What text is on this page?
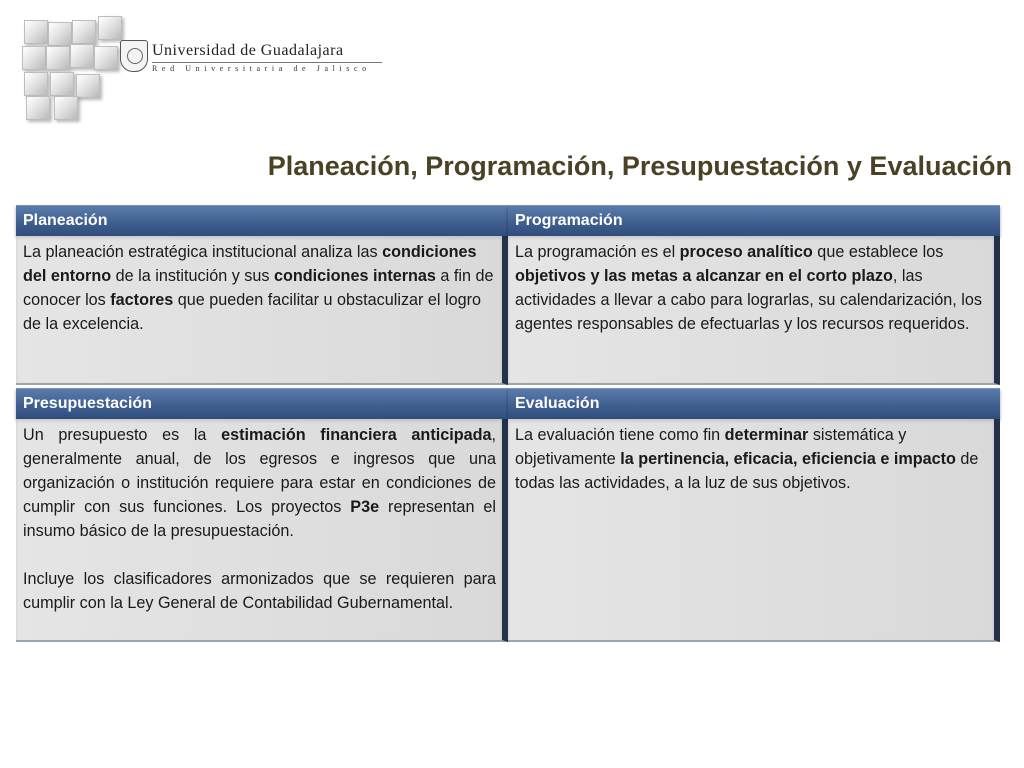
Universidad de Guadalajara
Red Universitaria de Jalisco
Planeación, Programación, Presupuestación y Evaluación
Planeación

La planeación estratégica institucional analiza las condiciones del entorno de la institución y sus condiciones internas a fin de conocer los factores que pueden facilitar u obstaculizar el logro de la excelencia.

Programación

La programación es el proceso analítico que establece los objetivos y las metas a alcanzar en el corto plazo, las actividades a llevar a cabo para lograrlas, su calendarización, los agentes responsables de efectuarlas y los recursos requeridos.

Presupuestación

Un presupuesto es la estimación financiera anticipada, generalmente anual, de los egresos e ingresos que una organización o institución requiere para estar en condiciones de cumplir con sus funciones. Los proyectos P3e representan el insumo básico de la presupuestación.

Incluye los clasificadores armonizados que se requieren para cumplir con la Ley General de Contabilidad Gubernamental.

Evaluación

La evaluación tiene como fin determinar sistemática y objetivamente la pertinencia, eficacia, eficiencia e impacto de todas las actividades, a la luz de sus objetivos.
